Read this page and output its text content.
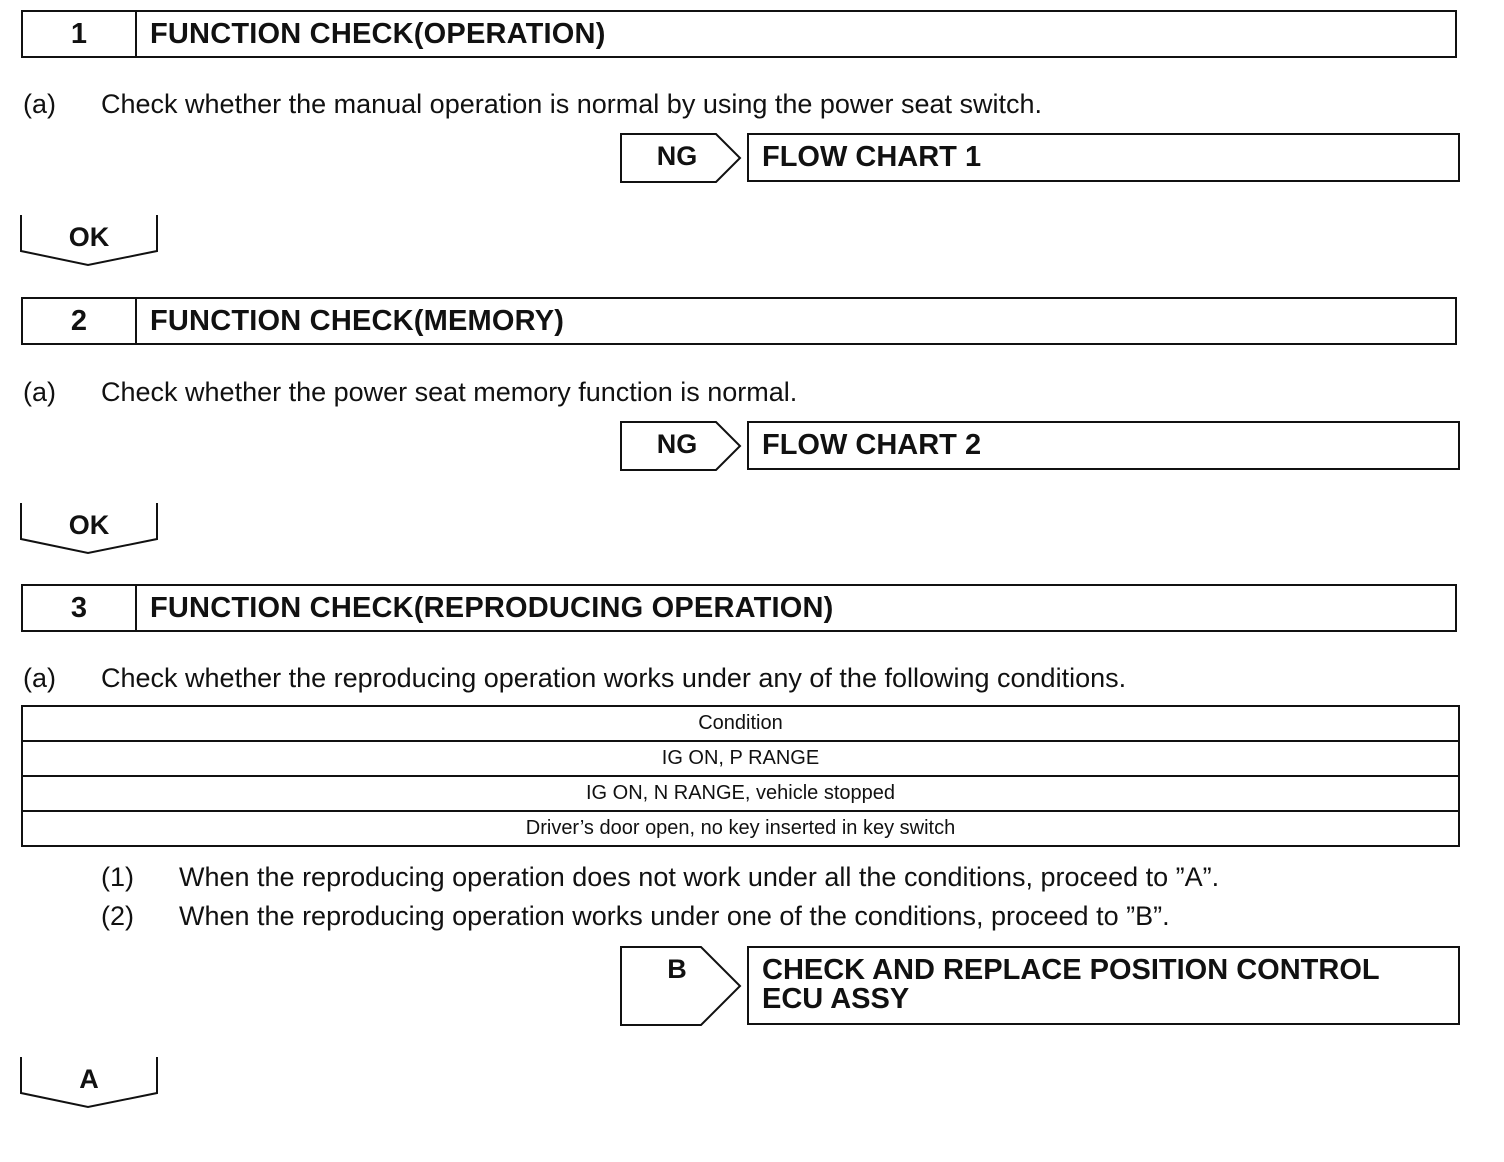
1	FUNCTION CHECK(OPERATION)
(a) Check whether the manual operation is normal by using the power seat switch.
NG	FLOW CHART 1
OK
2	FUNCTION CHECK(MEMORY)
(a) Check whether the power seat memory function is normal.
NG	FLOW CHART 2
OK
3	FUNCTION CHECK(REPRODUCING OPERATION)
(a) Check whether the reproducing operation works under any of the following conditions.
Condition
IG ON, P RANGE
IG ON, N RANGE, vehicle stopped
Driver’s door open, no key inserted in key switch
(1) When the reproducing operation does not work under all the conditions, proceed to ”A”.
(2) When the reproducing operation works under one of the conditions, proceed to ”B”.
B	CHECK AND REPLACE POSITION CONTROL
ECU ASSY
A
